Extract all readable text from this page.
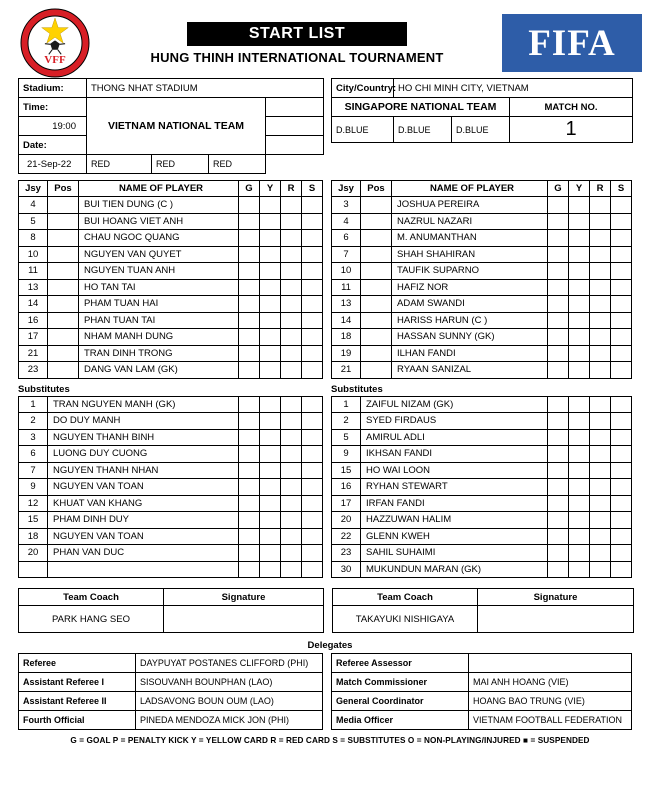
VFF
START LIST
HUNG THINH INTERNATIONAL TOURNAMENT	FIFA
Stadium:	THONG NHAT STADIUM			
Time:	VIETNAM NATIONAL TEAM			
19:00				
Date:				
21-Sep-22	RED	RED	RED	
City/Country:	HO CHI MINH CITY, VIETNAM		
SINGAPORE NATIONAL TEAM			MATCH NO.
			1

D.BLUE	D.BLUE	D.BLUE	
Jsy	Pos	NAME OF PLAYER	G	Y	R	S
4		BUI TIEN DUNG (C )				
5		BUI HOANG VIET ANH				
8		CHAU NGOC QUANG				
10		NGUYEN VAN QUYET				
11		NGUYEN TUAN ANH				
13		HO TAN TAI				
14		PHAM TUAN HAI				
16		PHAN TUAN TAI				
17		NHAM MANH DUNG				
21		TRAN DINH TRONG				
23		DANG VAN LAM (GK)				
Jsy	Pos	NAME OF PLAYER	G	Y	R	S
3		JOSHUA PEREIRA				
4		NAZRUL NAZARI				
6		M. ANUMANTHAN				
7		SHAH SHAHIRAN				
10		TAUFIK SUPARNO				
11		HAFIZ NOR				
13		ADAM SWANDI				
14		HARISS HARUN (C )				
18		HASSAN SUNNY (GK)				
19		ILHAN FANDI				
21		RYAAN SANIZAL				
Substitutes	Substitutes
1	TRAN NGUYEN MANH (GK)				
2	DO DUY MANH				
3	NGUYEN THANH BINH				
6	LUONG DUY CUONG				
7	NGUYEN THANH NHAN				
9	NGUYEN VAN TOAN				
12	KHUAT VAN KHANG				
15	PHAM DINH DUY				
18	NGUYEN VAN TOAN				
20	PHAN VAN DUC				

1	ZAIFUL NIZAM (GK)				
2	SYED FIRDAUS				
5	AMIRUL ADLI				
9	IKHSAN FANDI				
15	HO WAI LOON				
16	RYHAN STEWART				
17	IRFAN FANDI				
20	HAZZUWAN HALIM				
22	GLENN KWEH				
23	SAHIL SUHAIMI				
30	MUKUNDUN MARAN (GK)				
Team Coach	Signature
PARK HANG SEO	
Team Coach	Signature
TAKAYUKI NISHIGAYA	
Delegates
Referee	DAYPUYAT POSTANES CLIFFORD (PHI)
Assistant Referee I	SISOUVANH BOUNPHAN (LAO)
Assistant Referee II	LADSAVONG BOUN OUM (LAO)
Fourth Official	PINEDA MENDOZA MICK JON (PHI)
Referee Assessor	
Match Commissioner	MAI ANH HOANG (VIE)
General Coordinator	HOANG BAO TRUNG (VIE)
Media Officer	VIETNAM FOOTBALL FEDERATION
G = GOAL P = PENALTY KICK Y = YELLOW CARD R = RED CARD S = SUBSTITUTES O = NON-PLAYING/INJURED ■ = SUSPENDED
